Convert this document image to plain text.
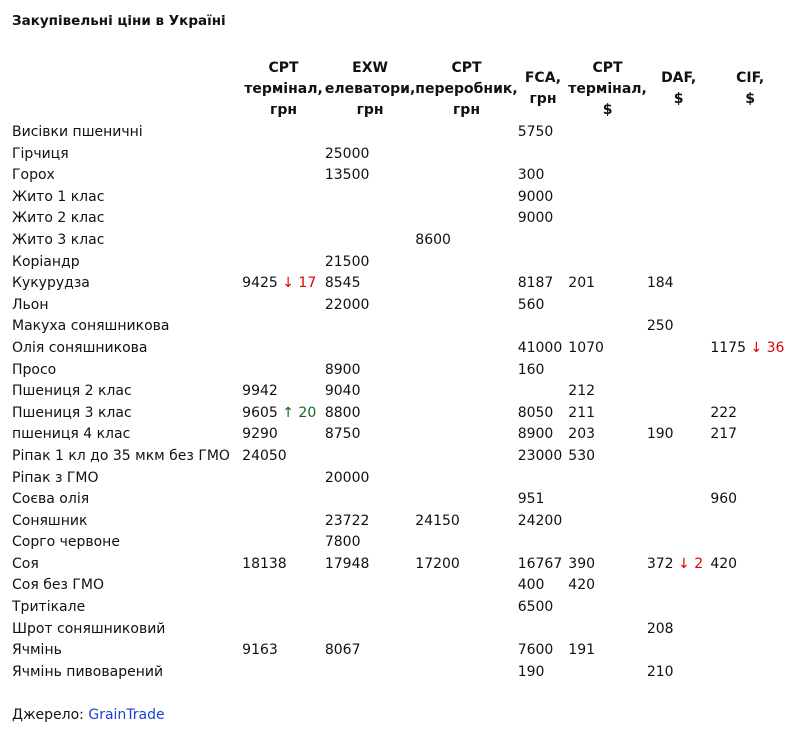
Закупівельні ціни в Україні
	CPT
термінал,
грн	EXW
елеватори,
грн	CPT
переробник,
грн	FCA,
грн	CPT
термінал,
$	DAF,
$	CIF,
$
Висівки пшеничні				5750			
Гірчиця		25000					
Горох		13500		300			
Жито 1 клас				9000			
Жито 2 клас				9000			
Жито 3 клас			8600				
Коріандр		21500					
Кукурудза	9425 ↓ 17	8545		8187	201	184	
Льон		22000		560			
Макуха соняшникова						250	
Олія соняшникова				41000	1070		1175 ↓ 36
Просо		8900		160			
Пшениця 2 клас	9942	9040			212		
Пшениця 3 клас	9605 ↑ 20	8800		8050	211		222
пшениця 4 клас	9290	8750		8900	203	190	217
Ріпак 1 кл до 35 мкм без ГМО	24050			23000	530		
Ріпак з ГМО		20000					
Соєва олія				951			960
Соняшник		23722	24150	24200			
Сорго червоне		7800					
Соя	18138	17948	17200	16767	390	372 ↓ 2	420
Соя без ГМО				400	420		
Тритікале				6500			
Шрот соняшниковий						208	
Ячмінь	9163	8067		7600	191		
Ячмінь пивоварений				190		210	
Джерело: GrainTrade
